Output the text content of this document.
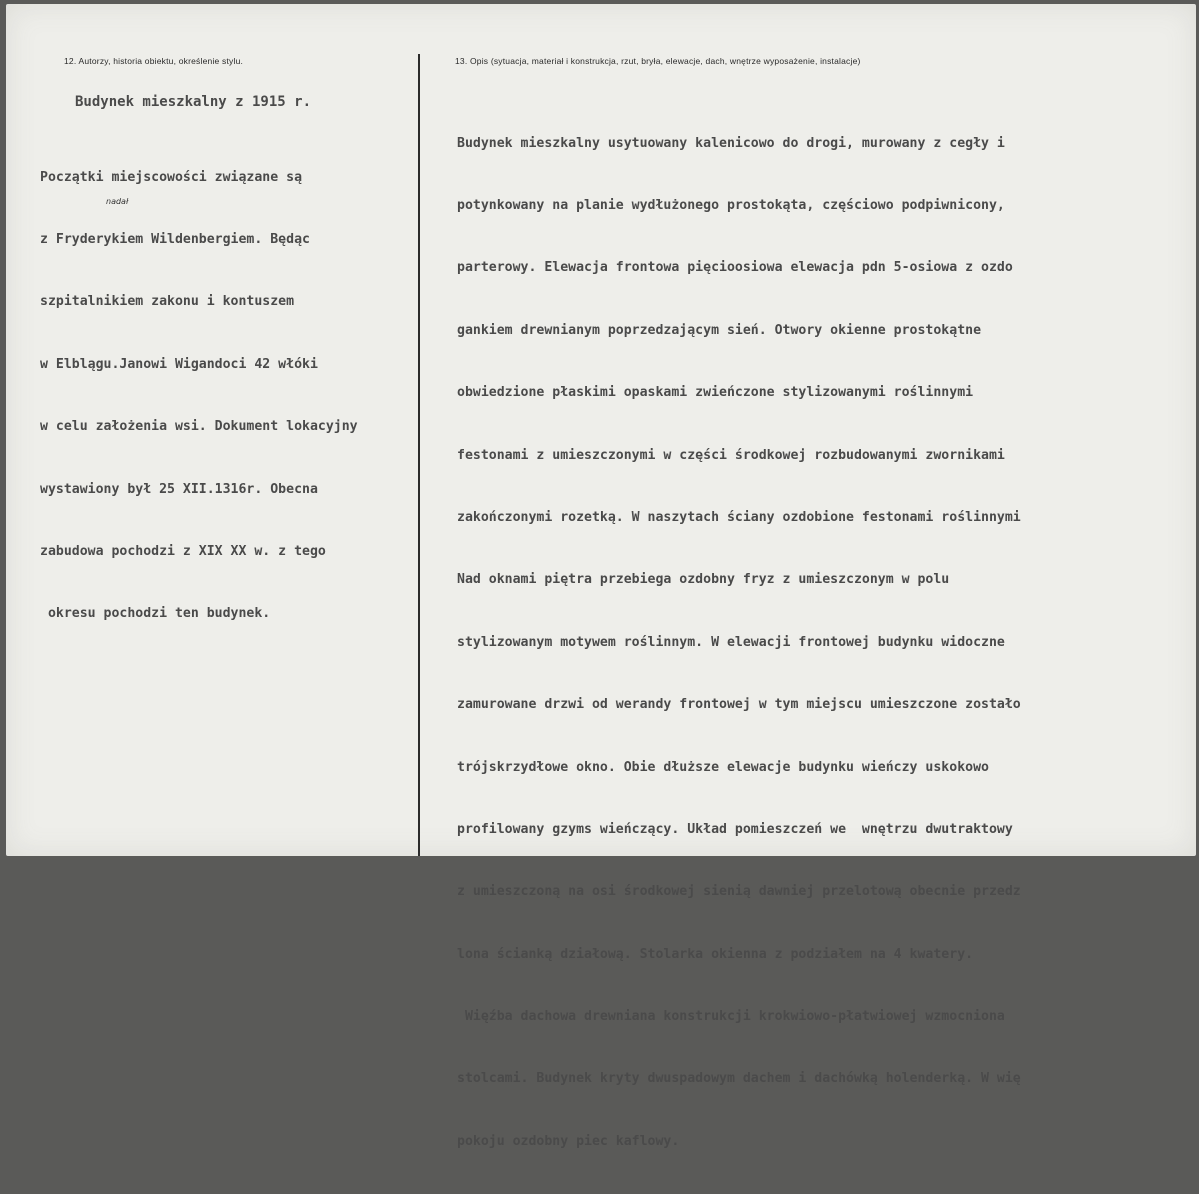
12. Autorzy, historia obiektu, określenie stylu.	13. Opis (sytuacja, materiał i konstrukcja, rzut, bryła, elewacje, dach, wnętrze wyposażenie, instalacje)
Budynek mieszkalny z 1915 r.
nadał

Początki miejscowości związane są

z Fryderykiem Wildenbergiem. Będąc

szpitalnikiem zakonu i kontuszem

w Elblągu.Janowi Wigandoci 42 włóki

w celu założenia wsi. Dokument lokacyjny

wystawiony był 25 XII.1316r. Obecna

zabudowa pochodzi z XIX XX w. z tego

okresu pochodzi ten budynek.

Budynek mieszkalny usytuowany kalenicowo do drogi, murowany z cegły i

potynkowany na planie wydłużonego prostokąta, częściowo podpiwnicony,

parterowy. Elewacja frontowa pięcioosiowa elewacja pdn 5-osiowa z ozdo

gankiem drewnianym poprzedzającym sień. Otwory okienne prostokątne

obwiedzione płaskimi opaskami zwieńczone stylizowanymi roślinnymi

festonami z umieszczonymi w części środkowej rozbudowanymi zwornikami

zakończonymi rozetką. W naszytach ściany ozdobione festonami roślinnymi

Nad oknami piętra przebiega ozdobny fryz z umieszczonym w polu

stylizowanym motywem roślinnym. W elewacji frontowej budynku widoczne

zamurowane drzwi od werandy frontowej w tym miejscu umieszczone zostało

trójskrzydłowe okno. Obie dłuższe elewacje budynku wieńczy uskokowo

profilowany gzyms wieńczący. Układ pomieszczeń we  wnętrzu dwutraktowy

z umieszczoną na osi środkowej sienią dawniej przelotową obecnie przedz

lona ścianką działową. Stolarka okienna z podziałem na 4 kwatery.

Więźba dachowa drewniana konstrukcji krokwiowo-płatwiowej wzmocniona

stolcami. Budynek kryty dwuspadowym dachem i dachówką holenderką. W wię

pokoju ozdobny piec kaflowy.
